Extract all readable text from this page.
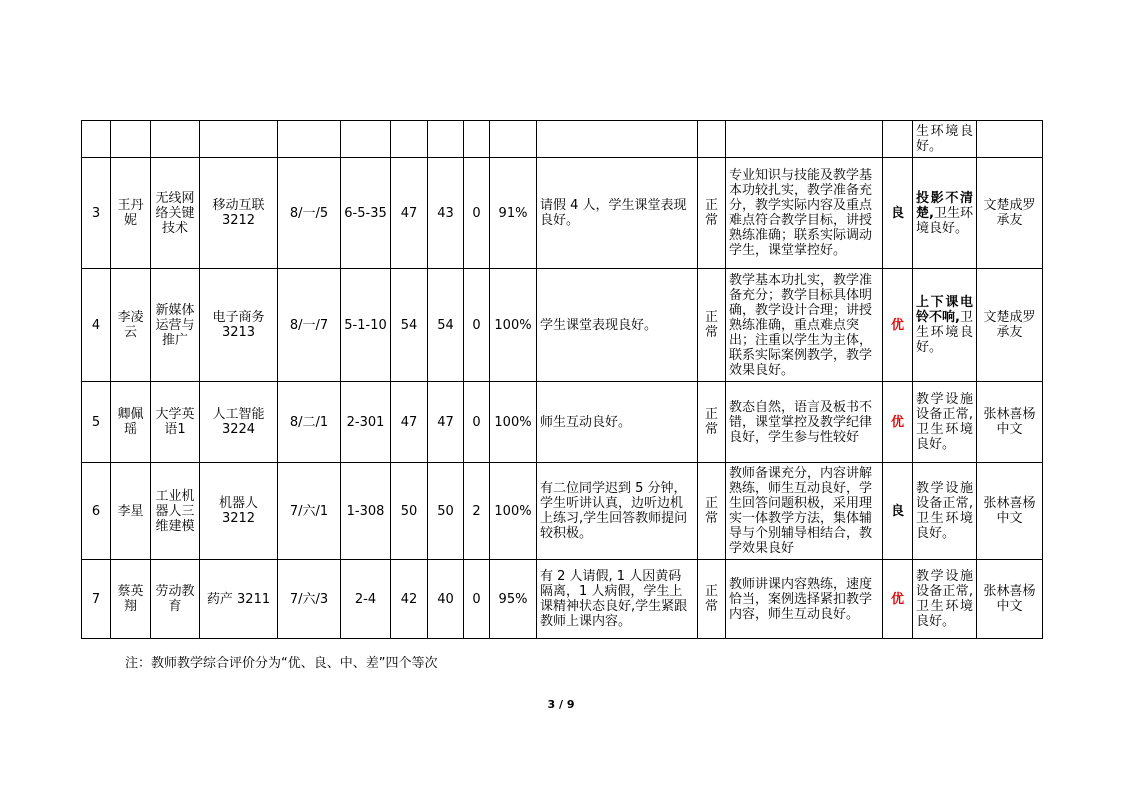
														生环境良好。	
3	王丹妮	无线网络关键技术	移动互联3212	8/一/5	6-5-35	47	43	0	91%	请假 4 人，学生课堂表现良好。	正常	专业知识与技能及教学基本功较扎实，教学准备充分，教学实际内容及重点难点符合教学目标，讲授熟练准确；联系实际调动学生，课堂掌控好。	良	投影不清楚,卫生环境良好。	文楚成罗承友
4	李凌云	新媒体运营与推广	电子商务3213	8/一/7	5-1-10	54	54	0	100%	学生课堂表现良好。	正常	教学基本功扎实，教学准备充分；教学目标具体明确，教学设计合理；讲授熟练准确，重点难点突出；注重以学生为主体，联系实际案例教学，教学效果良好。	优	上下课电铃不响,卫生环境良好。	文楚成罗承友
5	卿佩瑶	大学英语1	人工智能3224	8/二/1	2-301	47	47	0	100%	师生互动良好。	正常	教态自然，语言及板书不错，课堂掌控及教学纪律良好，学生参与性较好	优	教学设施设备正常,卫生环境良好。	张林喜杨中文
6	李星	工业机器人三维建模	机器人3212	7/六/1	1-308	50	50	2	100%	有二位同学迟到 5 分钟，学生听讲认真，边听边机上练习,学生回答教师提问较积极。	正常	教师备课充分，内容讲解熟练，师生互动良好，学生回答问题积极，采用理实一体教学方法，集体辅导与个别辅导相结合，教学效果良好	良	教学设施设备正常,卫生环境良好。	张林喜杨中文
7	蔡英翔	劳动教育	药产 3211	7/六/3	2-4	42	40	0	95%	有 2 人请假, 1 人因黄码隔离，1 人病假，学生上课精神状态良好,学生紧跟教师上课内容。	正常	教师讲课内容熟练，速度恰当，案例选择紧扣教学内容，师生互动良好。	优	教学设施设备正常,卫生环境良好。	张林喜杨中文
注：教师教学综合评价分为“优、良、中、差”四个等次
3 / 9
